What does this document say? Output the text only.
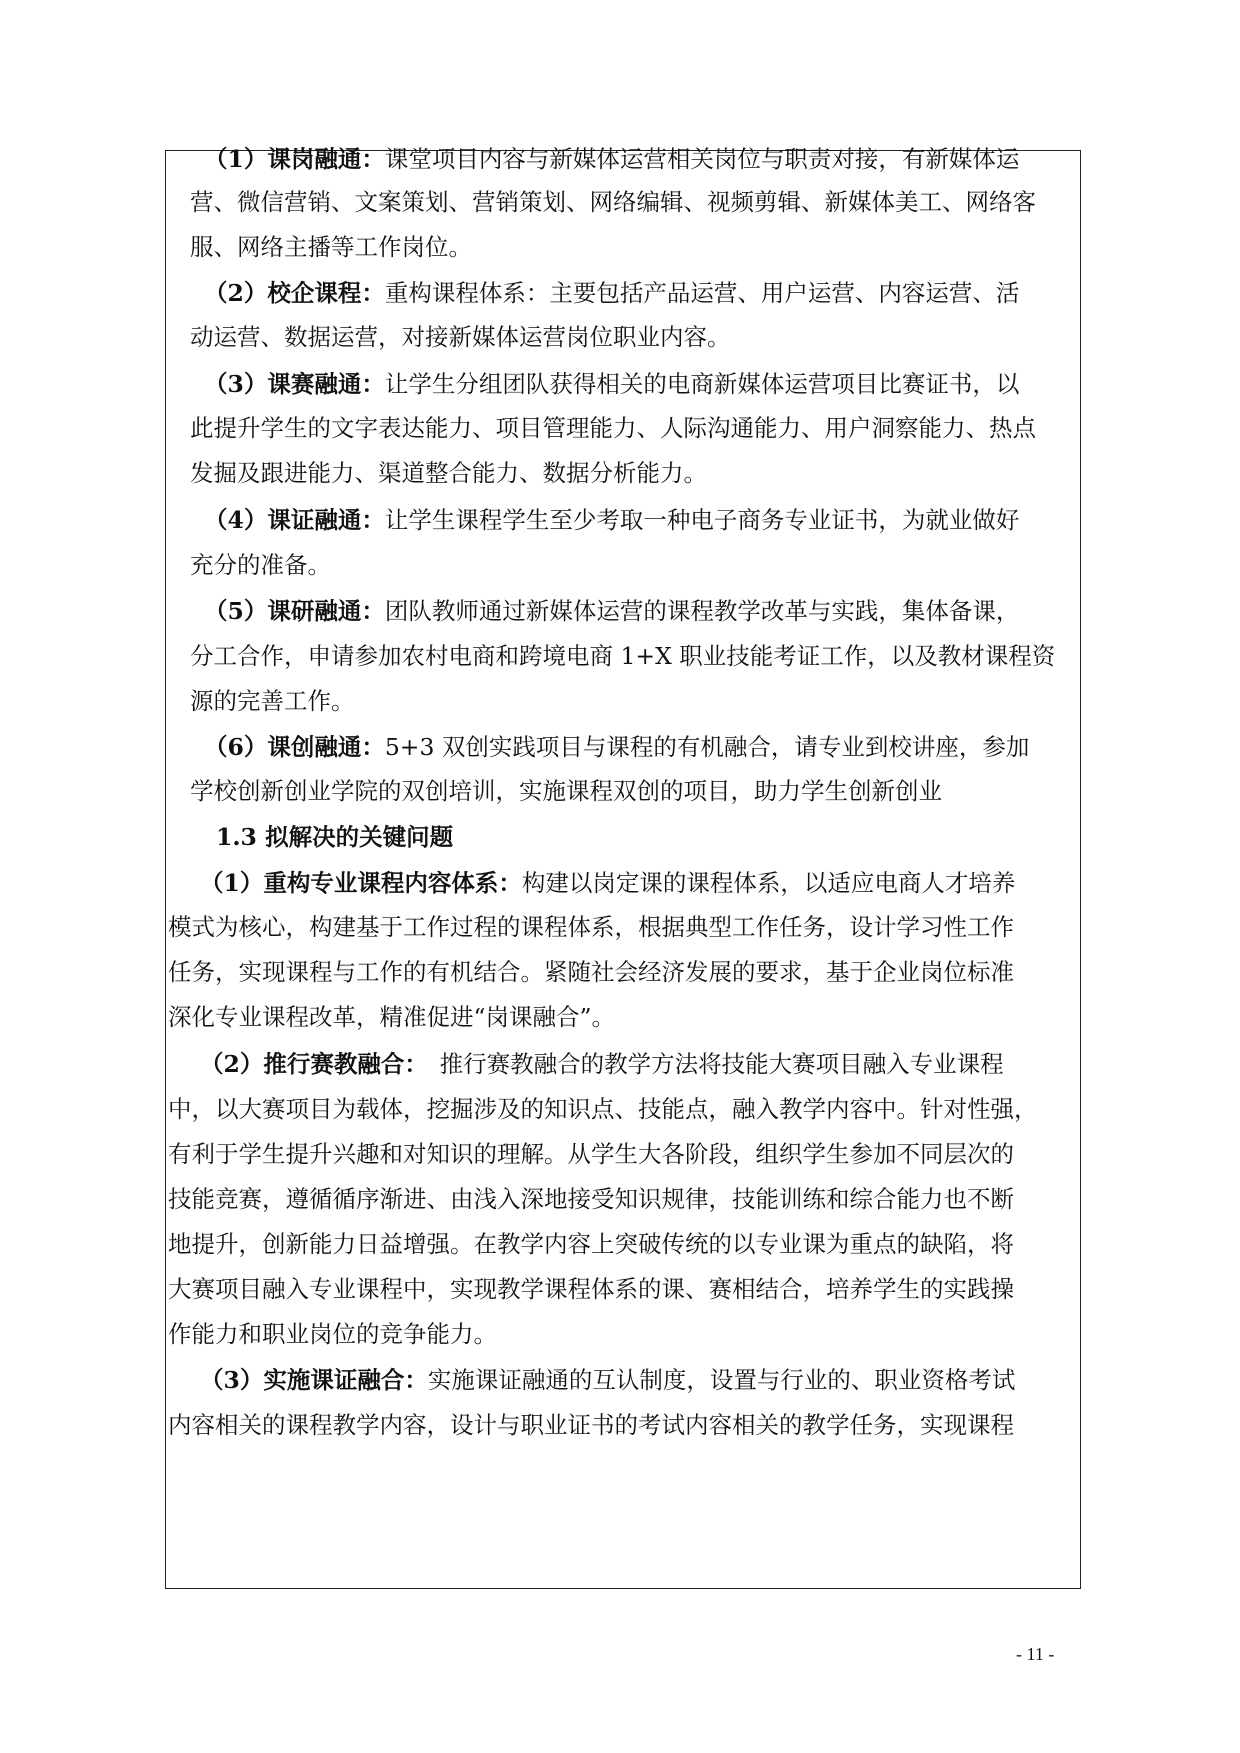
（1）课岗融通：课堂项目内容与新媒体运营相关岗位与职责对接，有新媒体运
营、微信营销、文案策划、营销策划、网络编辑、视频剪辑、新媒体美工、网络客
服、网络主播等工作岗位。
（2）校企课程：重构课程体系：主要包括产品运营、用户运营、内容运营、活
动运营、数据运营，对接新媒体运营岗位职业内容。
（3）课赛融通：让学生分组团队获得相关的电商新媒体运营项目比赛证书，以
此提升学生的文字表达能力、项目管理能力、人际沟通能力、用户洞察能力、热点
发掘及跟进能力、渠道整合能力、数据分析能力。
（4）课证融通：让学生课程学生至少考取一种电子商务专业证书，为就业做好
充分的准备。
（5）课研融通：团队教师通过新媒体运营的课程教学改革与实践，集体备课，
分工合作，申请参加农村电商和跨境电商 1+X 职业技能考证工作，以及教材课程资
源的完善工作。
（6）课创融通：5+3 双创实践项目与课程的有机融合，请专业到校讲座，参加
学校创新创业学院的双创培训，实施课程双创的项目，助力学生创新创业
1.3 拟解决的关键问题
（1）重构专业课程内容体系：构建以岗定课的课程体系，以适应电商人才培养
模式为核心，构建基于工作过程的课程体系，根据典型工作任务，设计学习性工作
任务，实现课程与工作的有机结合。紧随社会经济发展的要求，基于企业岗位标准
深化专业课程改革，精准促进“岗课融合”。
（2）推行赛教融合：　推行赛教融合的教学方法将技能大赛项目融入专业课程
中，以大赛项目为载体，挖掘涉及的知识点、技能点，融入教学内容中。针对性强，
有利于学生提升兴趣和对知识的理解。从学生大各阶段，组织学生参加不同层次的
技能竞赛，遵循循序渐进、由浅入深地接受知识规律，技能训练和综合能力也不断
地提升，创新能力日益增强。在教学内容上突破传统的以专业课为重点的缺陷，将
大赛项目融入专业课程中，实现教学课程体系的课、赛相结合，培养学生的实践操
作能力和职业岗位的竞争能力。
（3）实施课证融合：实施课证融通的互认制度，设置与行业的、职业资格考试
内容相关的课程教学内容，设计与职业证书的考试内容相关的教学任务，实现课程
- 11 -
